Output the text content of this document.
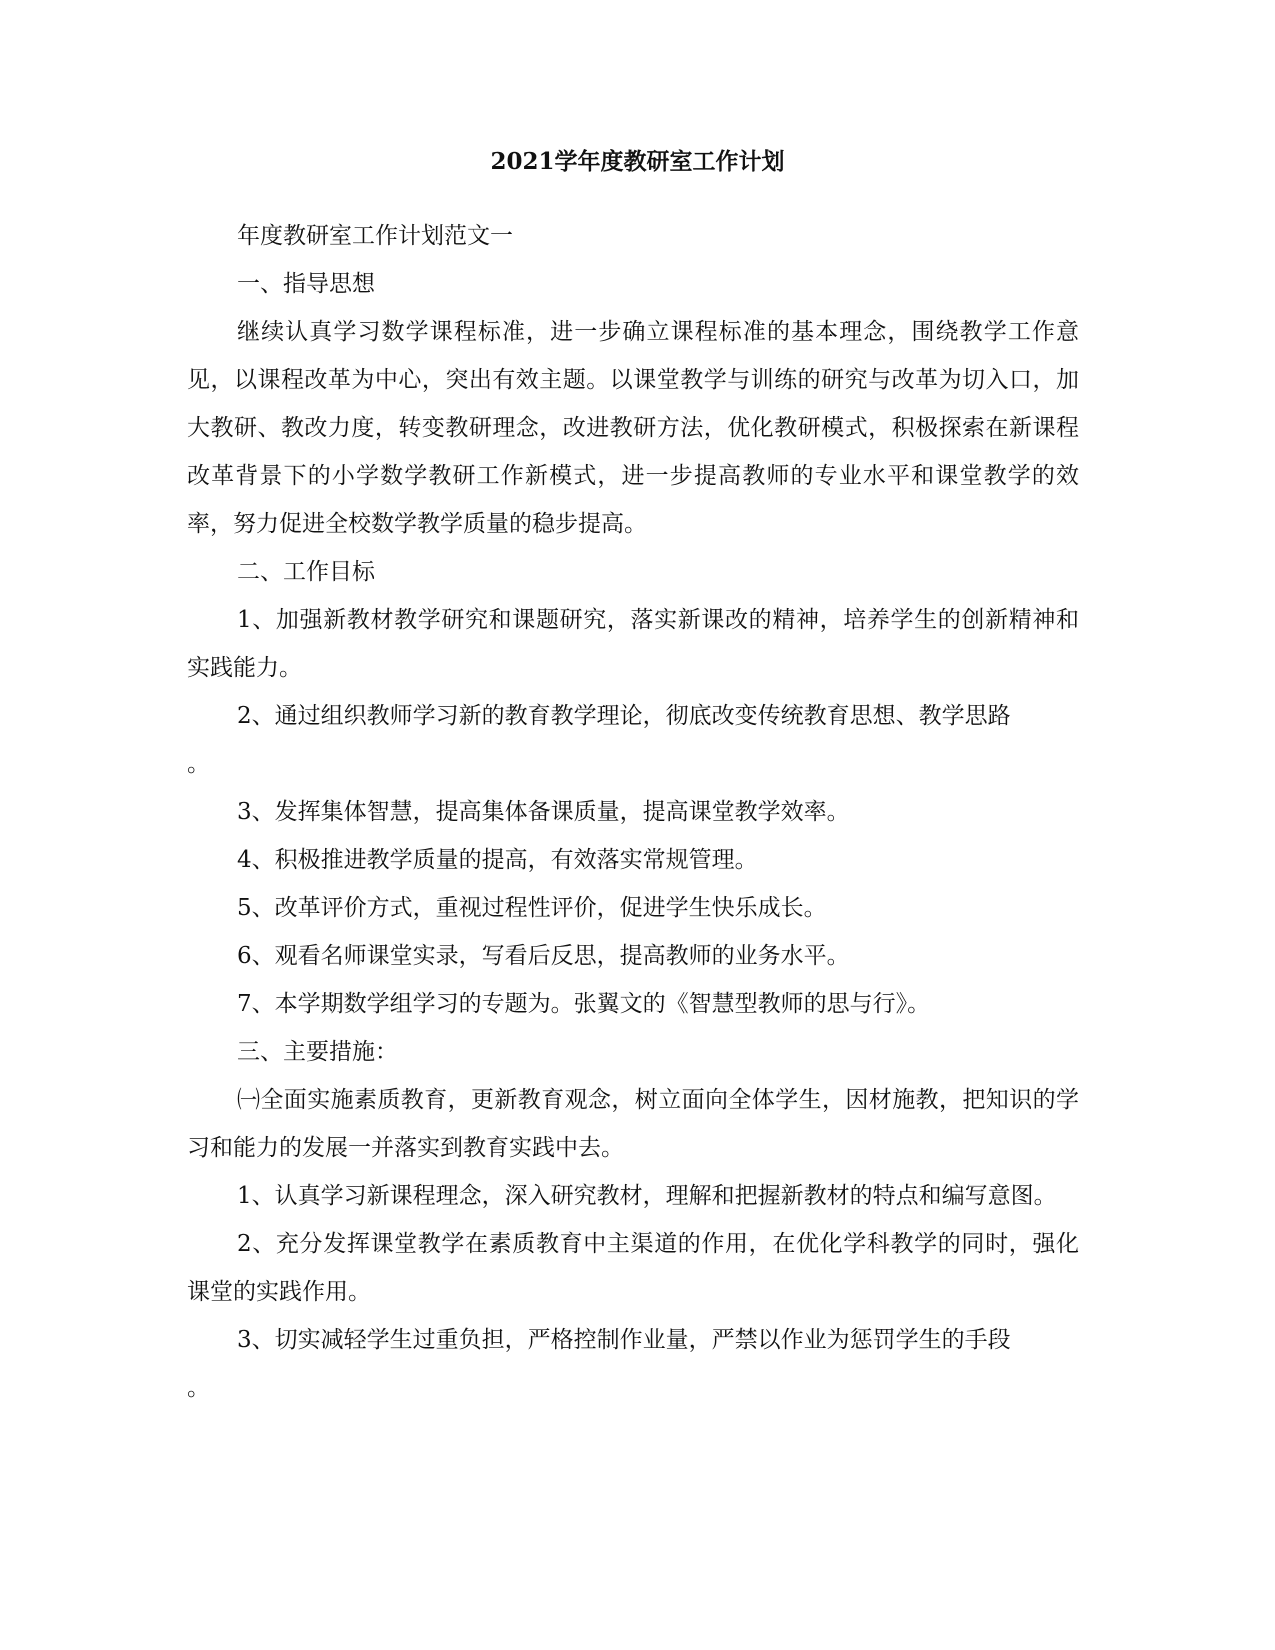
2021学年度教研室工作计划

年度教研室工作计划范文一

一、指导思想

继续认真学习数学课程标准，进一步确立课程标准的基本理念，围绕教学工作意见，以课程改革为中心，突出有效主题。以课堂教学与训练的研究与改革为切入口，加大教研、教改力度，转变教研理念，改进教研方法，优化教研模式，积极探索在新课程改革背景下的小学数学教研工作新模式，进一步提高教师的专业水平和课堂教学的效率，努力促进全校数学教学质量的稳步提高。

二、工作目标

1、加强新教材教学研究和课题研究，落实新课改的精神，培养学生的创新精神和实践能力。

2、通过组织教师学习新的教育教学理论，彻底改变传统教育思想、教学思路

。

3、发挥集体智慧，提高集体备课质量，提高课堂教学效率。

4、积极推进教学质量的提高，有效落实常规管理。

5、改革评价方式，重视过程性评价，促进学生快乐成长。

6、观看名师课堂实录，写看后反思，提高教师的业务水平。

7、本学期数学组学习的专题为。张翼文的《智慧型教师的思与行》。

三、主要措施：

㈠全面实施素质教育，更新教育观念，树立面向全体学生，因材施教，把知识的学习和能力的发展一并落实到教育实践中去。

1、认真学习新课程理念，深入研究教材，理解和把握新教材的特点和编写意图。

2、充分发挥课堂教学在素质教育中主渠道的作用，在优化学科教学的同时，强化课堂的实践作用。

3、切实减轻学生过重负担，严格控制作业量，严禁以作业为惩罚学生的手段

。
